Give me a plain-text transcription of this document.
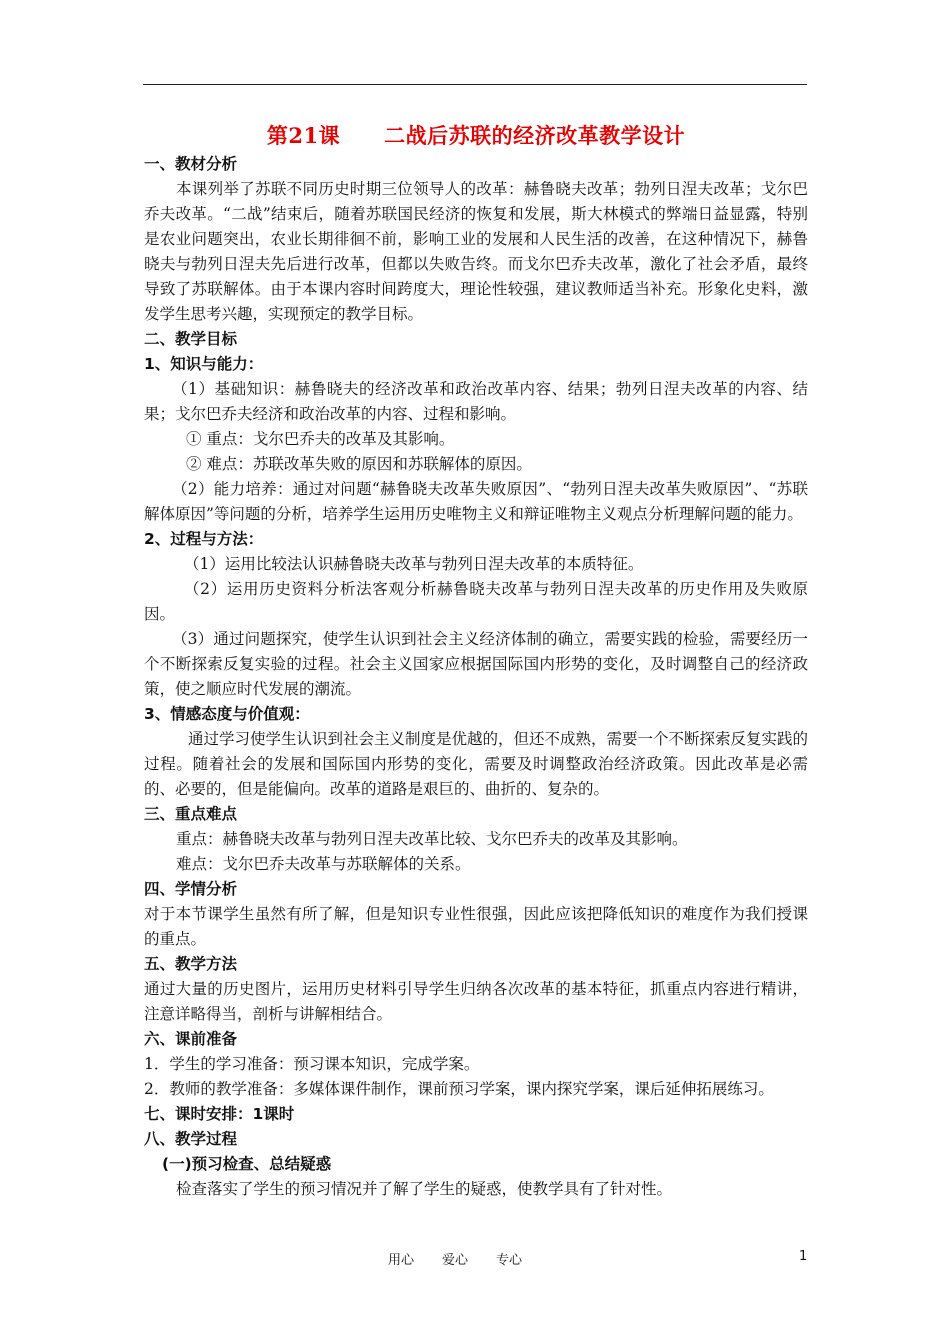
第21课 二战后苏联的经济改革教学设计
一、教材分析

本课列举了苏联不同历史时期三位领导人的改革：赫鲁晓夫改革；勃列日涅夫改革；戈尔巴乔夫改革。“二战”结束后，随着苏联国民经济的恢复和发展，斯大林模式的弊端日益显露，特别是农业问题突出，农业长期徘徊不前，影响工业的发展和人民生活的改善，在这种情况下，赫鲁晓夫与勃列日涅夫先后进行改革，但都以失败告终。而戈尔巴乔夫改革，激化了社会矛盾，最终导致了苏联解体。由于本课内容时间跨度大，理论性较强，建议教师适当补充。形象化史料，激发学生思考兴趣，实现预定的教学目标。

二、教学目标
1、知识与能力：

（1）基础知识：赫鲁晓夫的经济改革和政治改革内容、结果；勃列日涅夫改革的内容、结果；戈尔巴乔夫经济和政治改革的内容、过程和影响。

① 重点：戈尔巴乔夫的改革及其影响。

② 难点：苏联改革失败的原因和苏联解体的原因。

（2）能力培养：通过对问题“赫鲁晓夫改革失败原因”、“勃列日涅夫改革失败原因”、“苏联解体原因”等问题的分析，培养学生运用历史唯物主义和辩证唯物主义观点分析理解问题的能力。

2、过程与方法：

（1）运用比较法认识赫鲁晓夫改革与勃列日涅夫改革的本质特征。

（2）运用历史资料分析法客观分析赫鲁晓夫改革与勃列日涅夫改革的历史作用及失败原因。

（3）通过问题探究，使学生认识到社会主义经济体制的确立，需要实践的检验，需要经历一个不断探索反复实验的过程。社会主义国家应根据国际国内形势的变化，及时调整自己的经济政策，使之顺应时代发展的潮流。

3、情感态度与价值观：

通过学习使学生认识到社会主义制度是优越的，但还不成熟，需要一个不断探索反复实践的过程。随着社会的发展和国际国内形势的变化，需要及时调整政治经济政策。因此改革是必需的、必要的，但是能偏向。改革的道路是艰巨的、曲折的、复杂的。

三、重点难点

重点：赫鲁晓夫改革与勃列日涅夫改革比较、戈尔巴乔夫的改革及其影响。

难点：戈尔巴乔夫改革与苏联解体的关系。

四、学情分析

对于本节课学生虽然有所了解，但是知识专业性很强，因此应该把降低知识的难度作为我们授课的重点。

五、教学方法

通过大量的历史图片，运用历史材料引导学生归纳各次改革的基本特征，抓重点内容进行精讲，注意详略得当，剖析与讲解相结合。

六、课前准备

1．学生的学习准备：预习课本知识，完成学案。

2．教师的教学准备：多媒体课件制作，课前预习学案，课内探究学案，课后延伸拓展练习。

七、课时安排：1课时
八、教学过程
(一)预习检查、总结疑惑

检查落实了学生的预习情况并了解了学生的疑惑，使教学具有了针对性。

用心 爱心 专心	1
